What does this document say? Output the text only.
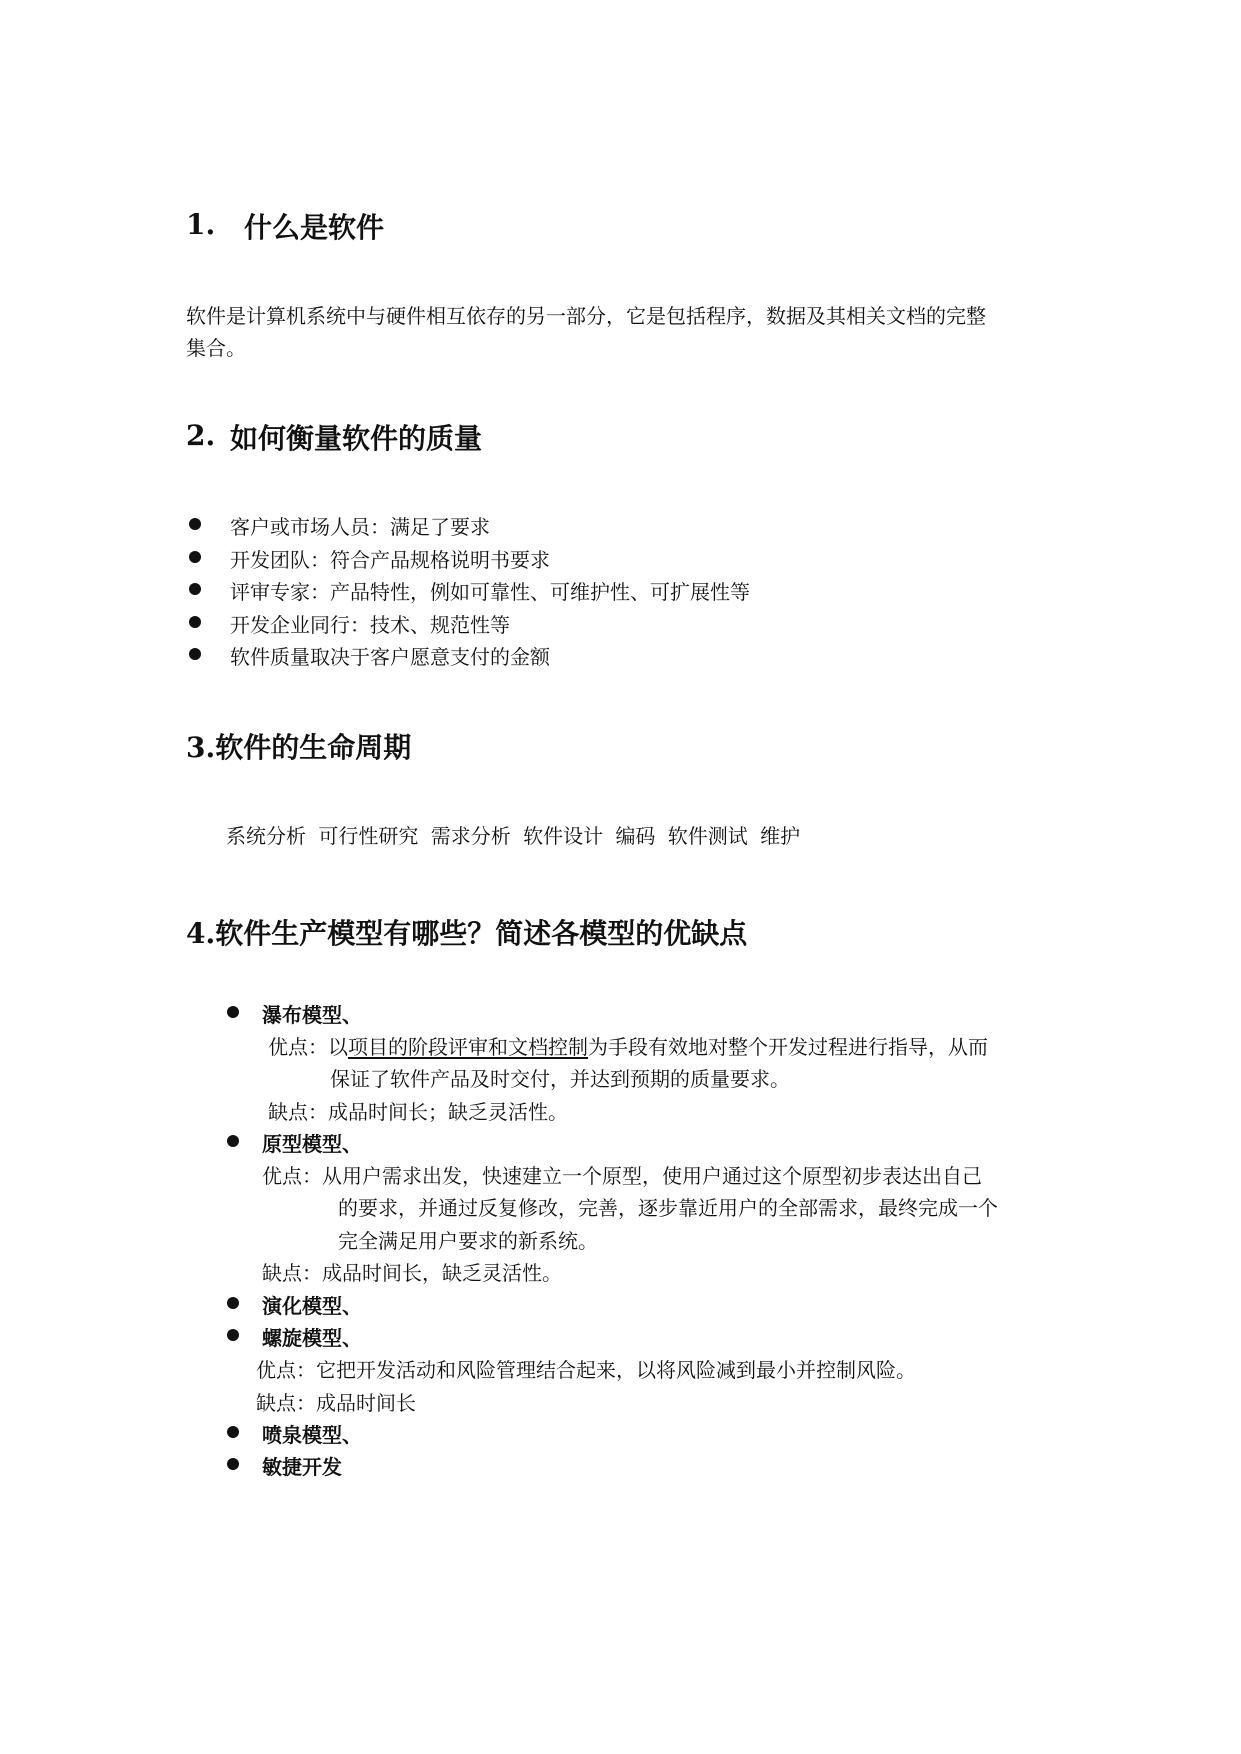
1. 什么是软件
软件是计算机系统中与硬件相互依存的另一部分，它是包括程序，数据及其相关文档的完整
集合。
2. 如何衡量软件的质量
客户或市场人员：满足了要求
开发团队：符合产品规格说明书要求
评审专家：产品特性，例如可靠性、可维护性、可扩展性等
开发企业同行：技术、规范性等
软件质量取决于客户愿意支付的金额
3.软件的生命周期
系统分析 可行性研究 需求分析 软件设计 编码 软件测试 维护
4.软件生产模型有哪些？简述各模型的优缺点
瀑布模型、
优点：以项目的阶段评审和文档控制为手段有效地对整个开发过程进行指导，从而
保证了软件产品及时交付，并达到预期的质量要求。
缺点：成品时间长；缺乏灵活性。
原型模型、
优点：从用户需求出发，快速建立一个原型，使用户通过这个原型初步表达出自己
的要求，并通过反复修改，完善，逐步靠近用户的全部需求，最终完成一个
完全满足用户要求的新系统。
缺点：成品时间长，缺乏灵活性。
演化模型、
螺旋模型、
优点：它把开发活动和风险管理结合起来，以将风险减到最小并控制风险。
缺点：成品时间长
喷泉模型、
敏捷开发
